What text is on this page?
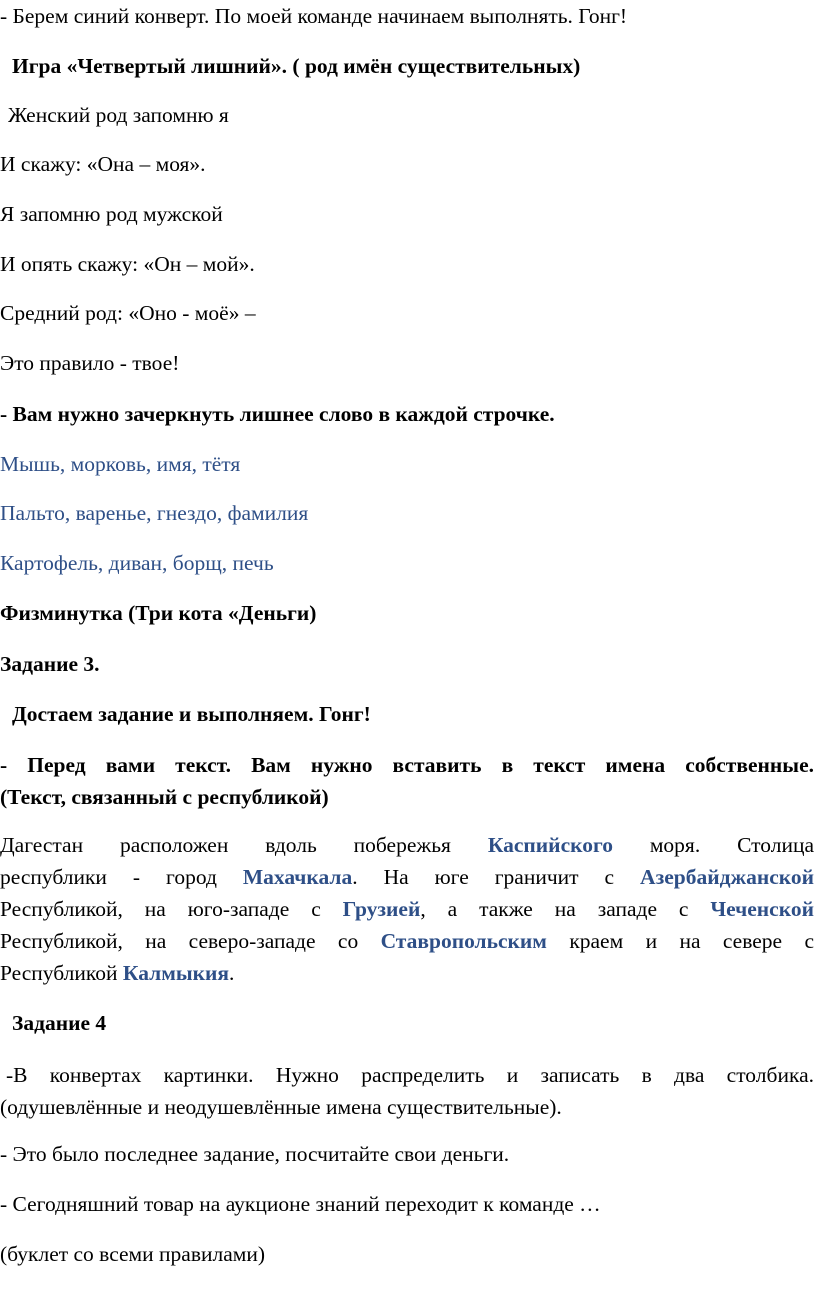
- Берем синий конверт. По моей команде начинаем выполнять. Гонг!
Игра «Четвертый лишний». ( род имён существительных)
Женский род запомню я
И скажу: «Она – моя».
Я запомню род мужской
И опять скажу: «Он – мой».
Средний род: «Оно - моё» –
Это правило - твое!
- Вам нужно зачеркнуть лишнее слово в каждой строчке.
Мышь, морковь, имя, тётя
Пальто, варенье, гнездо, фамилия
Картофель, диван, борщ, печь
Физминутка (Три кота «Деньги)
Задание 3.
Достаем задание и выполняем. Гонг!
- Перед вами текст. Вам нужно вставить в текст имена собственные.
(Текст, связанный с республикой)
Дагестан расположен вдоль побережья Каспийского моря. Столица
республики - город Махачкала. На юге граничит с Азербайджанской
Республикой, на юго-западе с Грузией, а также на западе с Чеченской
Республикой, на северо-западе со Ставропольским краем и на севере с
Республикой Калмыкия.
Задание 4
-В конвертах картинки. Нужно распределить и записать в два столбика.
(одушевлённые и неодушевлённые имена существительные).
- Это было последнее задание, посчитайте свои деньги.
- Сегодняшний товар на аукционе знаний переходит к команде …
(буклет со всеми правилами)
